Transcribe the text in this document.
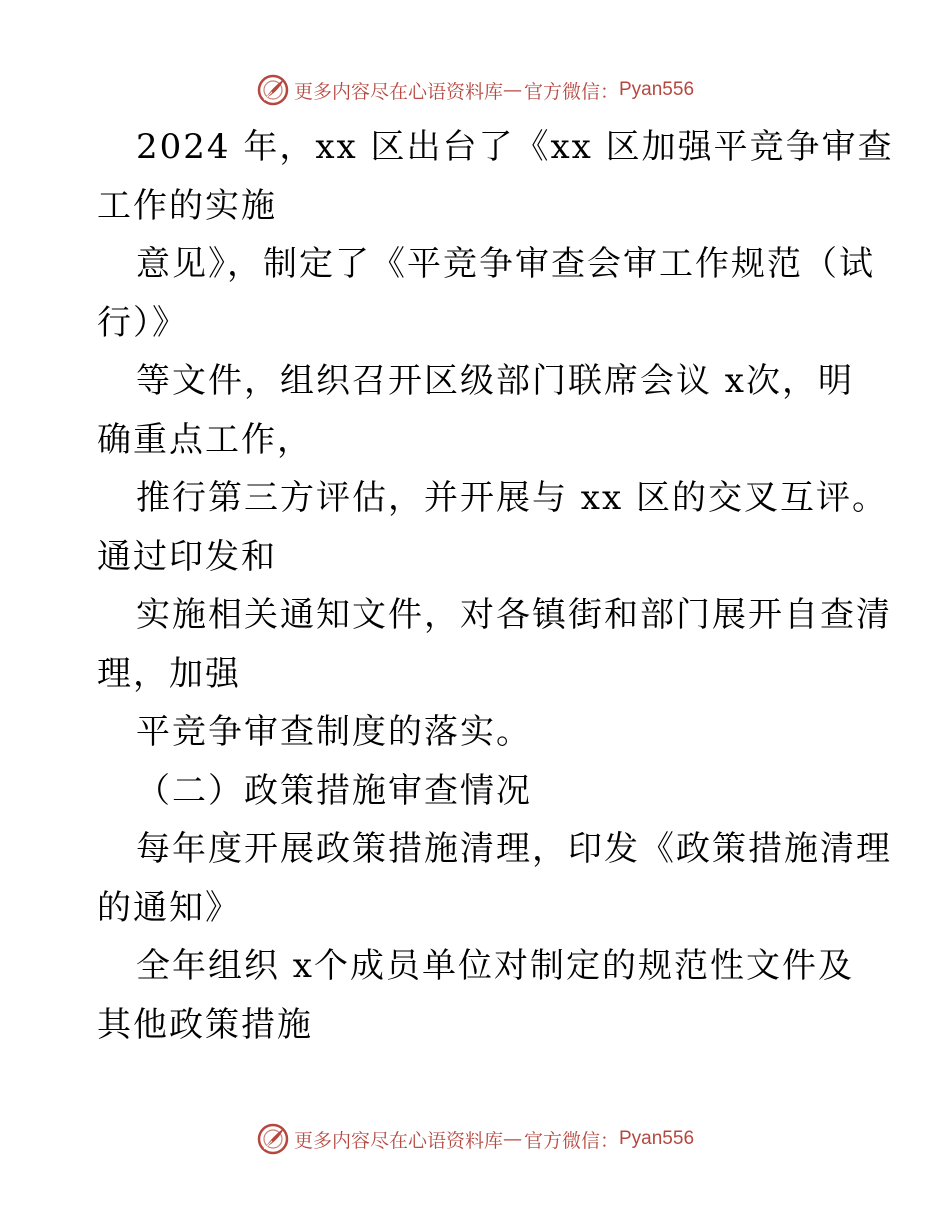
更多内容尽在心语资料库 — 官方微信： Pyan556
2024 年，xx 区出台了《xx 区加强平竞争审查
工作的实施
意见》，制定了《平竞争审查会审工作规范（试
行）》
等文件，组织召开区级部门联席会议 x次，明
确重点工作，
推行第三方评估，并开展与 xx 区的交叉互评。
通过印发和
实施相关通知文件，对各镇街和部门展开自查清
理，加强
平竞争审查制度的落实。
（二）政策措施审查情况
每年度开展政策措施清理，印发《政策措施清理
的通知》
全年组织 x个成员单位对制定的规范性文件及
其他政策措施
更多内容尽在心语资料库 — 官方微信： Pyan556
